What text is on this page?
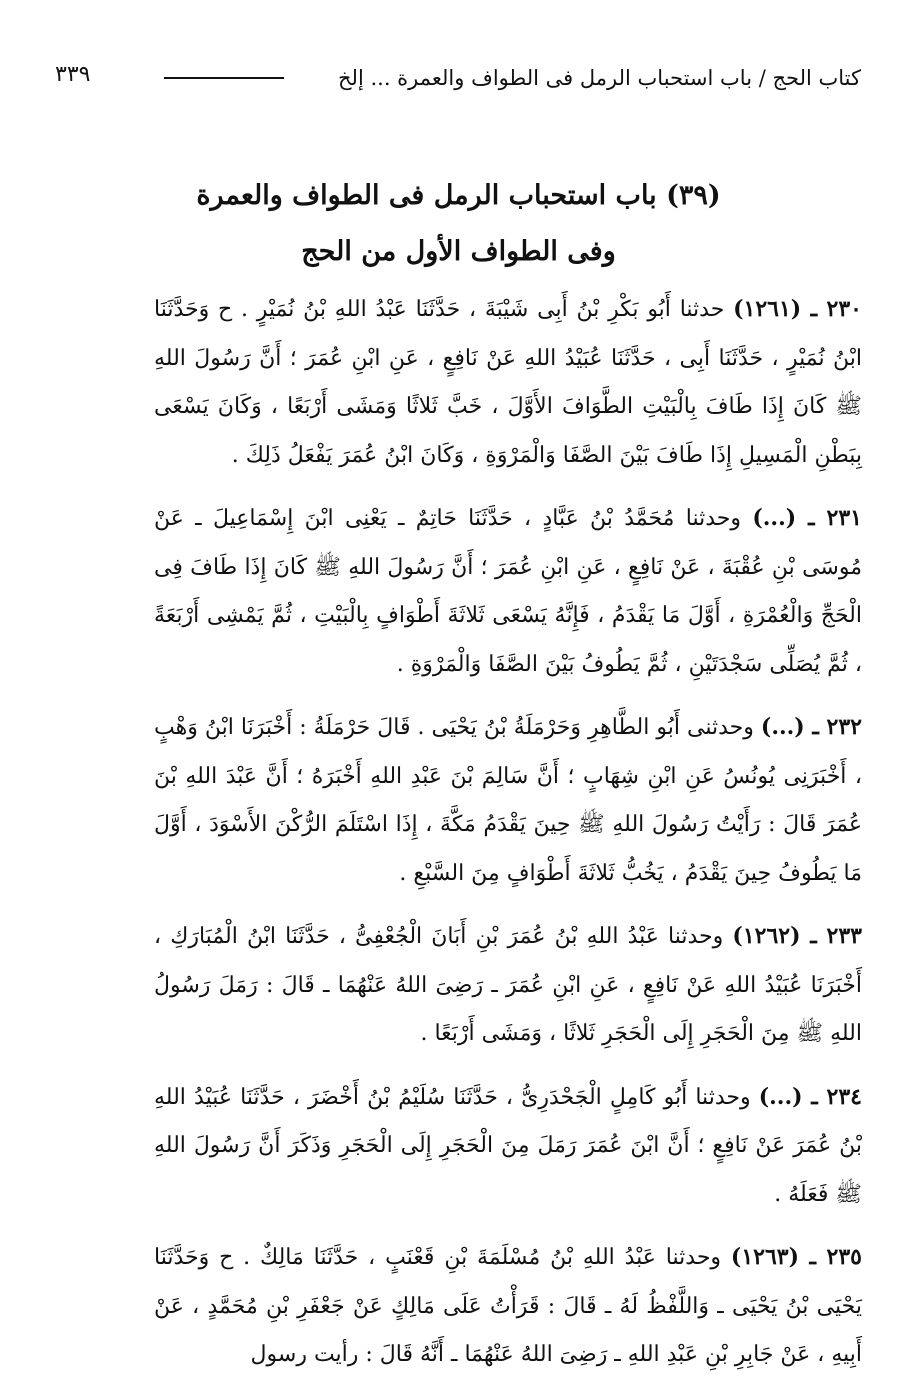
كتاب الحج / باب استحباب الرمل فى الطواف والعمرة ... إلخ
٣٣٩
(٣٩) باب استحباب الرمل فى الطواف والعمرة
وفى الطواف الأول من الحج

٢٣٠ ـ (١٢٦١) حدثنا أَبُو بَكْرِ بْنُ أَبِى شَيْبَةَ ، حَدَّثَنَا عَبْدُ اللهِ بْنُ نُمَيْرٍ . ح وَحَدَّثَنَا ابْنُ نُمَيْرٍ ، حَدَّثَنَا أَبِى ، حَدَّثَنَا عُبَيْدُ اللهِ عَنْ نَافِعٍ ، عَنِ ابْنِ عُمَرَ ؛ أَنَّ رَسُولَ اللهِ ﷺ كَانَ إِذَا طَافَ بِالْبَيْتِ الطَّوَافَ الأَوَّلَ ، خَبَّ ثَلاثًا وَمَشَى أَرْبَعًا ، وَكَانَ يَسْعَى بِبَطْنِ الْمَسِيلِ إِذَا طَافَ بَيْنَ الصَّفَا وَالْمَرْوَةِ ، وَكَانَ ابْنُ عُمَرَ يَفْعَلُ ذَلِكَ .

٢٣١ ـ (...) وحدثنا مُحَمَّدُ بْنُ عَبَّادٍ ، حَدَّثَنَا حَاتِمٌ ـ يَعْنِى ابْنَ إِسْمَاعِيلَ ـ عَنْ مُوسَى بْنِ عُقْبَةَ ، عَنْ نَافِعٍ ، عَنِ ابْنِ عُمَرَ ؛ أَنَّ رَسُولَ اللهِ ﷺ كَانَ إِذَا طَافَ فِى الْحَجِّ وَالْعُمْرَةِ ، أَوَّلَ مَا يَقْدَمُ ، فَإِنَّهُ يَسْعَى ثَلاثَةَ أَطْوَافٍ بِالْبَيْتِ ، ثُمَّ يَمْشِى أَرْبَعَةً ، ثُمَّ يُصَلِّى سَجْدَتَيْنِ ، ثُمَّ يَطُوفُ بَيْنَ الصَّفَا وَالْمَرْوَةِ .

٢٣٢ ـ (...) وحدثنى أَبُو الطَّاهِرِ وَحَرْمَلَةُ بْنُ يَحْيَى . قَالَ حَرْمَلَةُ : أَخْبَرَنَا ابْنُ وَهْبٍ ، أَخْبَرَنِى يُونُسُ عَنِ ابْنِ شِهَابٍ ؛ أَنَّ سَالِمَ بْنَ عَبْدِ اللهِ أَخْبَرَهُ ؛ أَنَّ عَبْدَ اللهِ بْنَ عُمَرَ قَالَ : رَأَيْتُ رَسُولَ اللهِ ﷺ حِينَ يَقْدَمُ مَكَّةَ ، إِذَا اسْتَلَمَ الرُّكْنَ الأَسْوَدَ ، أَوَّلَ مَا يَطُوفُ حِينَ يَقْدَمُ ، يَخُبُّ ثَلاثَةَ أَطْوَافٍ مِنَ السَّبْعِ .

٢٣٣ ـ (١٢٦٢) وحدثنا عَبْدُ اللهِ بْنُ عُمَرَ بْنِ أَبَانَ الْجُعْفِىُّ ، حَدَّثَنَا ابْنُ الْمُبَارَكِ ، أَخْبَرَنَا عُبَيْدُ اللهِ عَنْ نَافِعٍ ، عَنِ ابْنِ عُمَرَ ـ رَضِىَ اللهُ عَنْهُمَا ـ قَالَ : رَمَلَ رَسُولُ اللهِ ﷺ مِنَ الْحَجَرِ إِلَى الْحَجَرِ ثَلاثًا ، وَمَشَى أَرْبَعًا .

٢٣٤ ـ (...) وحدثنا أَبُو كَامِلٍ الْجَحْدَرِىُّ ، حَدَّثَنَا سُلَيْمُ بْنُ أَخْضَرَ ، حَدَّثَنَا عُبَيْدُ اللهِ بْنُ عُمَرَ عَنْ نَافِعٍ ؛ أَنَّ ابْنَ عُمَرَ رَمَلَ مِنَ الْحَجَرِ إِلَى الْحَجَرِ وَذَكَرَ أَنَّ رَسُولَ اللهِ ﷺ فَعَلَهُ .

٢٣٥ ـ (١٢٦٣) وحدثنا عَبْدُ اللهِ بْنُ مُسْلَمَةَ بْنِ قَعْنَبٍ ، حَدَّثَنَا مَالِكٌ . ح وَحَدَّثَنَا يَحْيَى بْنُ يَحْيَى ـ وَاللَّفْظُ لَهُ ـ قَالَ : قَرَأْتُ عَلَى مَالِكٍ عَنْ جَعْفَرِ بْنِ مُحَمَّدٍ ، عَنْ أَبِيهِ ، عَنْ جَابِرِ بْنِ عَبْدِ اللهِ ـ رَضِىَ اللهُ عَنْهُمَا ـ أَنَّهُ قَالَ : رأيت رسول
